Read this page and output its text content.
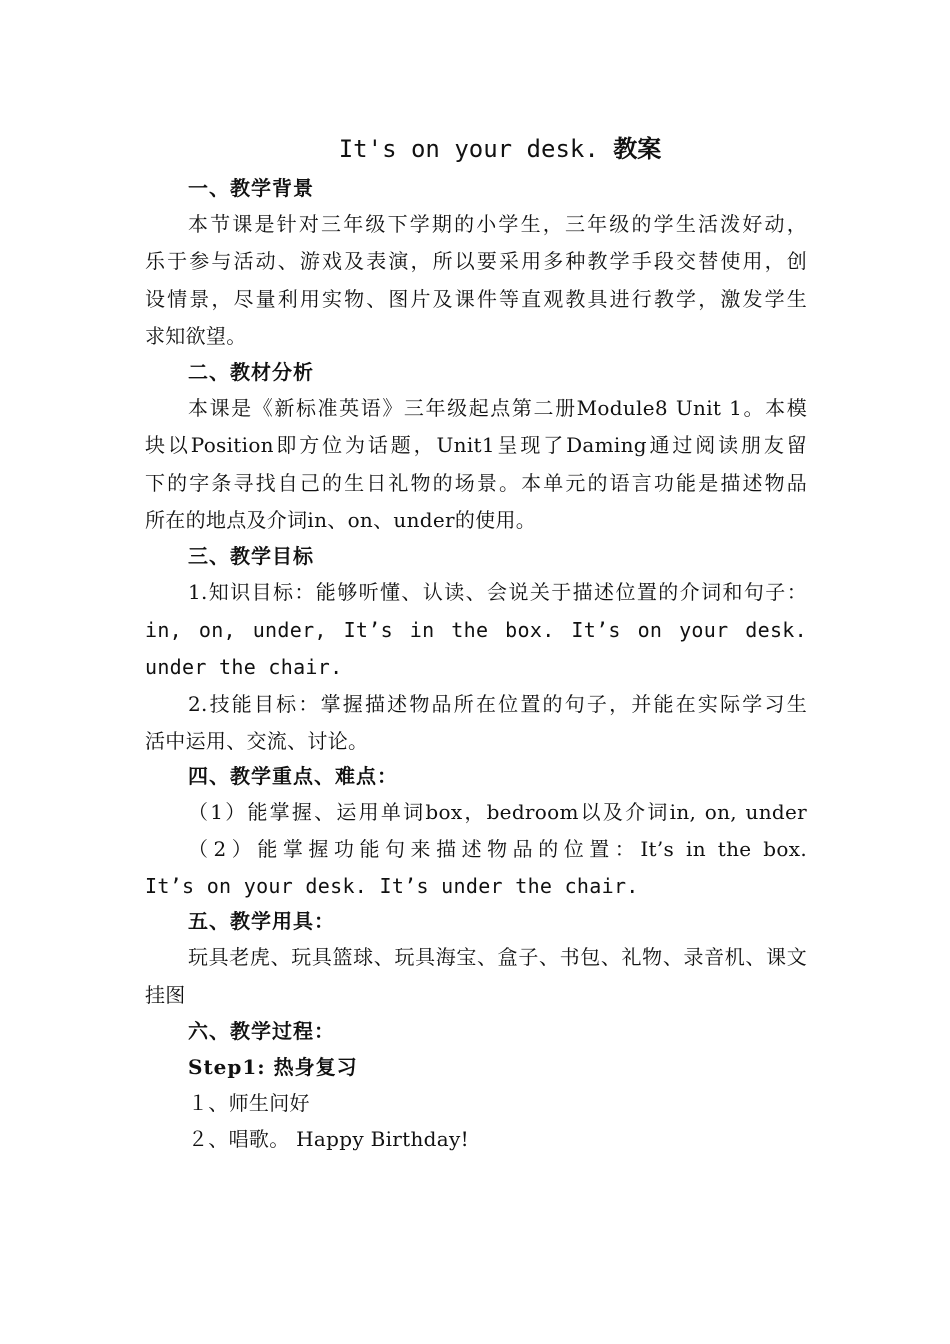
It's on your desk. 教案
一、教学背景
本节课是针对三年级下学期的小学生，三年级的学生活泼好动，
乐于参与活动、游戏及表演，所以要采用多种教学手段交替使用，创
设情景，尽量利用实物、图片及课件等直观教具进行教学，激发学生
求知欲望。
二、教材分析
本课是《新标准英语》三年级起点第二册Module8 Unit 1。本模
块以Position即方位为话题，Unit1呈现了Daming通过阅读朋友留
下的字条寻找自己的生日礼物的场景。本单元的语言功能是描述物品
所在的地点及介词in、on、under的使用。
三、教学目标
1.知识目标：能够听懂、认读、会说关于描述位置的介词和句子：
in, on, under, It’s in the box. It’s on your desk.
under the chair.
2.技能目标：掌握描述物品所在位置的句子，并能在实际学习生
活中运用、交流、讨论。
四、教学重点、难点：
（1）能掌握、运用单词box，bedroom以及介词in, on, under
（2）能掌握功能句来描述物品的位置：It’s in the box.
It’s on your desk. It’s under the chair.
五、教学用具：
玩具老虎、玩具篮球、玩具海宝、盒子、书包、礼物、录音机、课文
挂图
六、教学过程：
Step1: 热身复习
１、师生问好
２、唱歌。 Happy Birthday!
